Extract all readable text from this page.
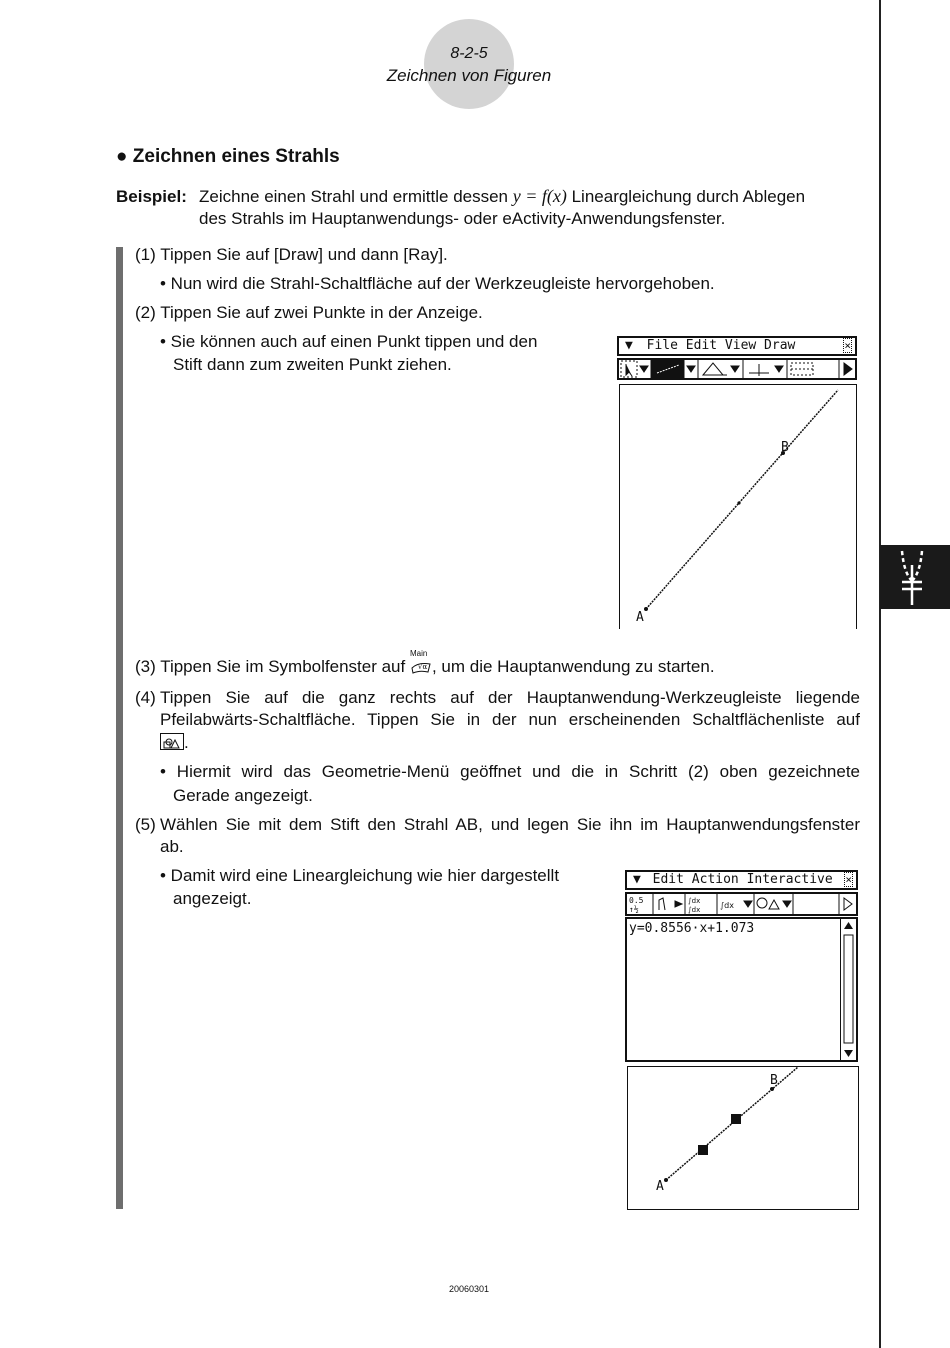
8-2-5
Zeichnen von Figuren
● Zeichnen eines Strahls
Beispiel: Zeichne einen Strahl und ermittle dessen y = f(x) Lineargleichung durch Ablegen
des Strahls im Hauptanwendungs- oder eActivity-Anwendungsfenster.
(1) Tippen Sie auf [Draw] und dann [Ray].
• Nun wird die Strahl-Schaltfläche auf der Werkzeugleiste hervorgehoben.
(2) Tippen Sie auf zwei Punkte in der Anzeige.
• Sie können auch auf einen Punkt tippen und den
Stift dann zum zweiten Punkt ziehen.
▼ File Edit View Draw	×
A
B
(3) Tippen Sie im Symbolfenster auf
Main
√α , um die Hauptanwendung zu starten.
(4) Tippen Sie auf die ganz rechts auf der Hauptanwendung-Werkzeugleiste liegende
Pfeilabwärts-Schaltfläche. Tippen Sie in der nun erscheinenden Schaltflächenliste auf
.
• Hiermit wird das Geometrie-Menü geöffnet und die in Schritt (2) oben gezeichnete
Gerade angezeigt.
(5) Wählen Sie mit dem Stift den Strahl AB, und legen Sie ihn im Hauptanwendungsfenster
ab.
• Damit wird eine Lineargleichung wie hier dargestellt
angezeigt.
▼ Edit Action Interactive ×
0.5
↑½
∫dx
∫dx ∫dx
y=0.8556·x+1.073
A
B
20060301
